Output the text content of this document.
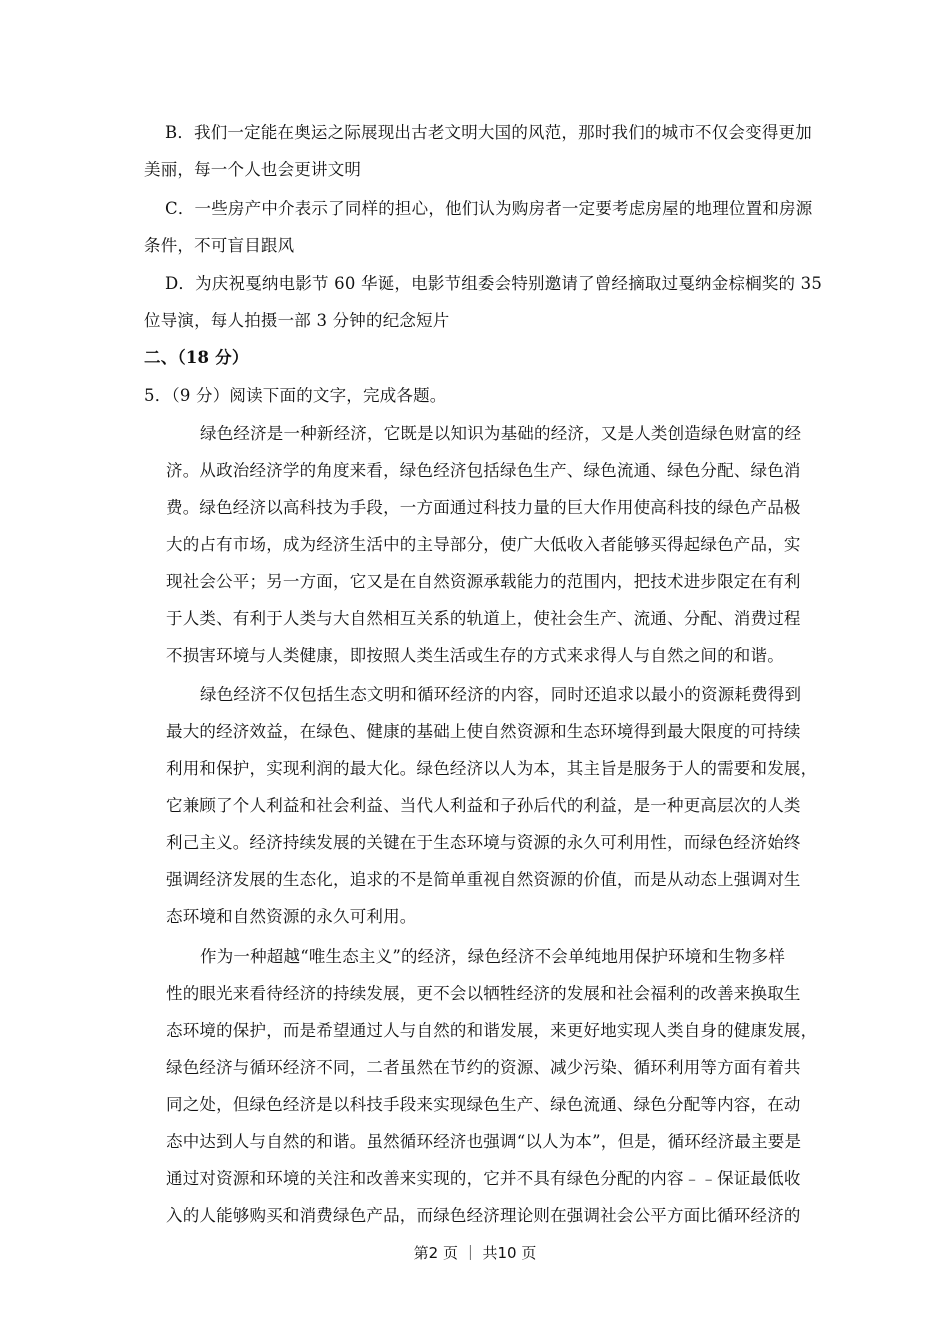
B．我们一定能在奥运之际展现出古老文明大国的风范，那时我们的城市不仅会变得更加
美丽，每一个人也会更讲文明
C．一些房产中介表示了同样的担心，他们认为购房者一定要考虑房屋的地理位置和房源
条件，不可盲目跟风
D．为庆祝戛纳电影节 60 华诞，电影节组委会特别邀请了曾经摘取过戛纳金棕榈奖的 35
位导演，每人拍摄一部 3 分钟的纪念短片
二、（18 分）
5．（9 分）阅读下面的文字，完成各题。
绿色经济是一种新经济，它既是以知识为基础的经济，又是人类创造绿色财富的经
济。从政治经济学的角度来看，绿色经济包括绿色生产、绿色流通、绿色分配、绿色消
费。绿色经济以高科技为手段，一方面通过科技力量的巨大作用使高科技的绿色产品极
大的占有市场，成为经济生活中的主导部分，使广大低收入者能够买得起绿色产品，实
现社会公平；另一方面，它又是在自然资源承载能力的范围内，把技术进步限定在有利
于人类、有利于人类与大自然相互关系的轨道上，使社会生产、流通、分配、消费过程
不损害环境与人类健康，即按照人类生活或生存的方式来求得人与自然之间的和谐。
绿色经济不仅包括生态文明和循环经济的内容，同时还追求以最小的资源耗费得到
最大的经济效益，在绿色、健康的基础上使自然资源和生态环境得到最大限度的可持续
利用和保护，实现利润的最大化。绿色经济以人为本，其主旨是服务于人的需要和发展，
它兼顾了个人利益和社会利益、当代人利益和子孙后代的利益，是一种更高层次的人类
利己主义。经济持续发展的关键在于生态环境与资源的永久可利用性，而绿色经济始终
强调经济发展的生态化，追求的不是简单重视自然资源的价值，而是从动态上强调对生
态环境和自然资源的永久可利用。
作为一种超越“唯生态主义”的经济，绿色经济不会单纯地用保护环境和生物多样
性的眼光来看待经济的持续发展，更不会以牺牲经济的发展和社会福利的改善来换取生
态环境的保护，而是希望通过人与自然的和谐发展，来更好地实现人类自身的健康发展，
绿色经济与循环经济不同，二者虽然在节约的资源、减少污染、循环利用等方面有着共
同之处，但绿色经济是以科技手段来实现绿色生产、绿色流通、绿色分配等内容，在动
态中达到人与自然的和谐。虽然循环经济也强调“以人为本”，但是，循环经济最主要是
通过对资源和环境的关注和改善来实现的，它并不具有绿色分配的内容﹣﹣保证最低收
入的人能够购买和消费绿色产品，而绿色经济理论则在强调社会公平方面比循环经济的
第2 页 ｜ 共10 页
